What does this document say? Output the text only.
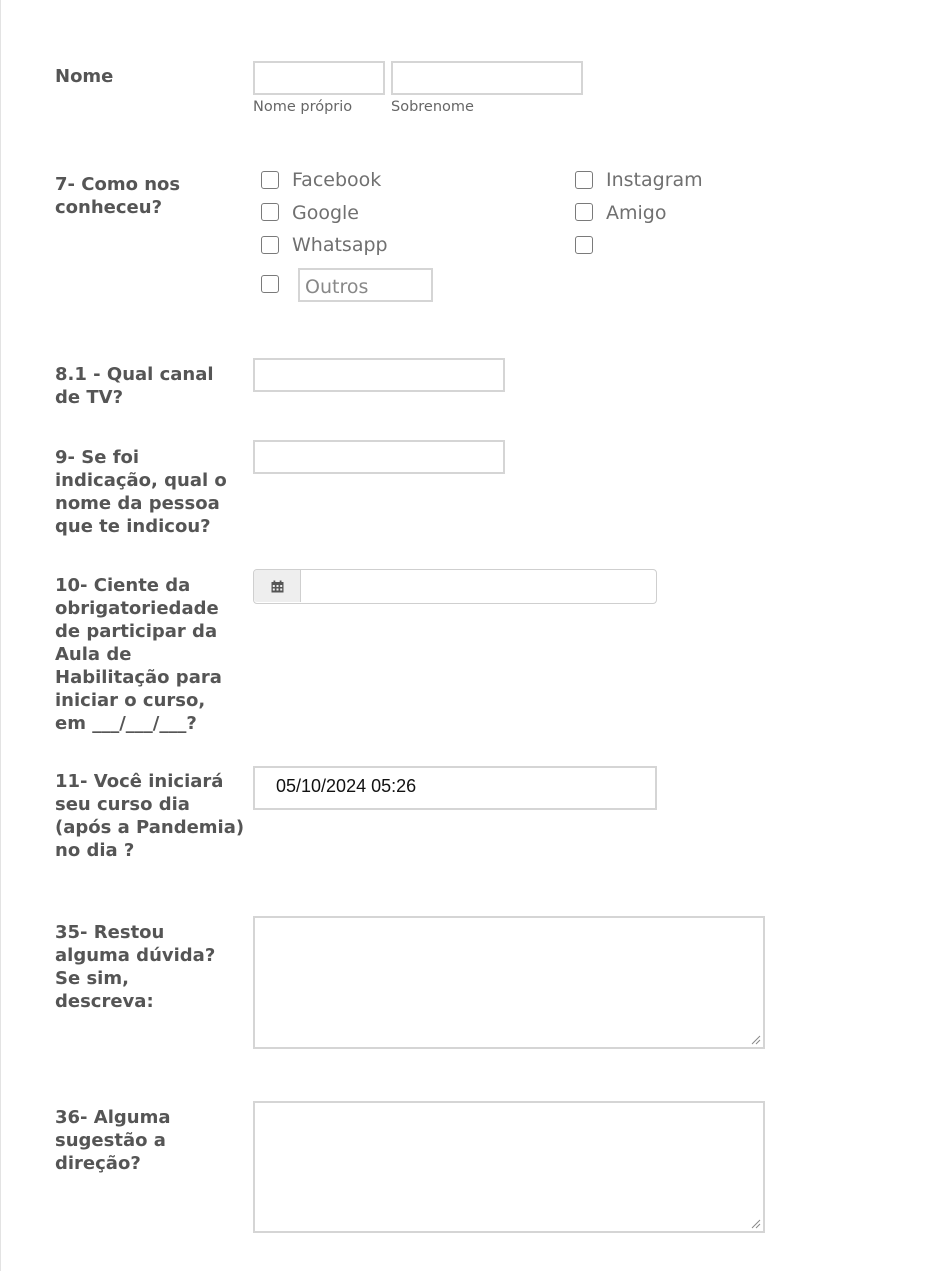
Nome
Nome próprio	Sobrenome
7- Como nos conheceu?
Facebook	Instagram
Google	Amigo
Whatsapp
Outros
8.1 - Qual canal de TV?
9- Se foi indicação, qual o nome da pessoa que te indicou?
10- Ciente da obrigatoriedade de participar da Aula de Habilitação para iniciar o curso, em ___/___/___?
11- Você iniciará seu curso dia (após a Pandemia) no dia ?
05/10/2024 05:26
35- Restou alguma dúvida? Se sim, descreva:
36- Alguma sugestão a direção?
